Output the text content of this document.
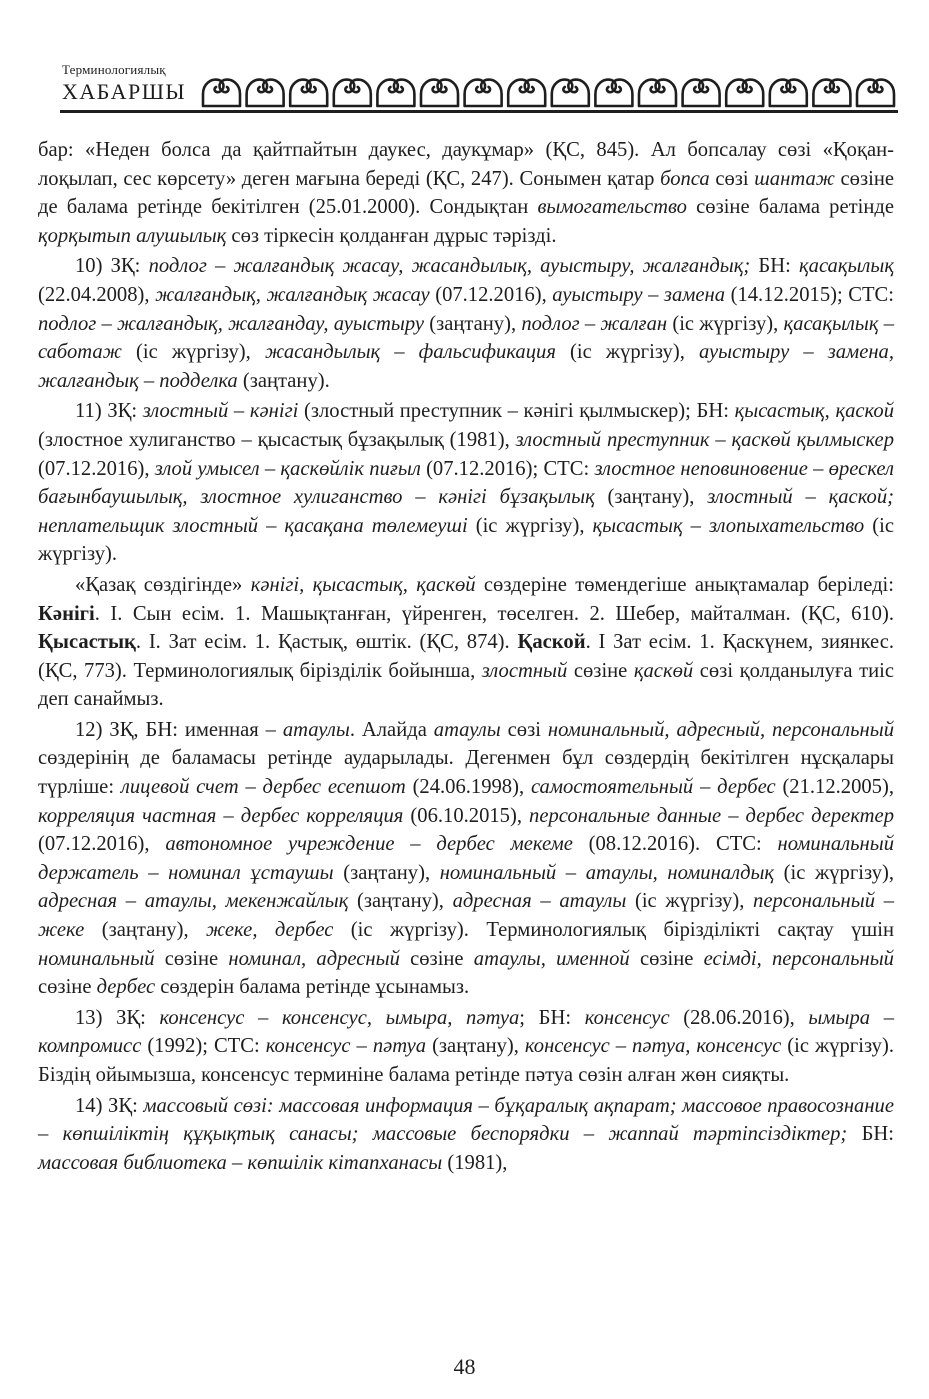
Терминологиялық
ХАБАРШЫ

бар: «Неден болса да қайтпайтын даукес, даукұмар» (ҚС, 845). Ал бопсалау сөзі «Қоқан-лоқылап, сес көрсету» деген мағына береді (ҚС, 247). Сонымен қатар бопса сөзі шантаж сөзіне де балама ретінде бекітілген (25.01.2000). Сондықтан вымогательство сөзіне балама ретінде қорқытып алушылық сөз тіркесін қолданған дұрыс тәрізді.

10) ЗҚ: подлог – жалғандық жасау, жасандылық, ауыстыру, жалғандық; БН: қасақылық (22.04.2008), жалғандық, жалғандық жасау (07.12.2016), ауыстыру – замена (14.12.2015); СТС: подлог – жалғандық, жалғандау, ауыстыру (заңтану), подлог – жалған (іс жүргізу), қасақылық – саботаж (іс жүргізу), жасандылық – фальсификация (іс жүргізу), ауыстыру – замена, жалғандық – подделка (заңтану).

11) ЗҚ: злостный – кәнігі (злостный преступник – кәнігі қылмыскер); БН: қысастық, қаской (злостное хулиганство – қысастық бұзақылық (1981), злостный преступник – қаскөй қылмыскер (07.12.2016), злой умысел – қаскөйлік пиғыл (07.12.2016); СТС: злостное неповиновение – өрескел бағынбаушылық, злостное хулиганство – кәнігі бұзақылық (заңтану), злостный – қаской; неплательщик злостный – қасақана төлемеуші (іс жүргізу), қысастық – злопыхательство (іс жүргізу).

«Қазақ сөздігінде» кәнігі, қысастық, қаскөй сөздеріне төмендегіше анықтамалар беріледі: Кәнігі. I. Сын есім. 1. Машықтанған, үйренген, төселген. 2. Шебер, майталман. (ҚС, 610). Қысастық. I. Зат есім. 1. Қастық, өштік. (ҚС, 874). Қаской. I Зат есім. 1. Қаскүнем, зиянкес. (ҚС, 773). Терминологиялық бірізділік бойынша, злостный сөзіне қаскөй сөзі қолданылуға тиіс деп санаймыз.

12) ЗҚ, БН: именная – атаулы. Алайда атаулы сөзі номинальный, адресный, персональный сөздерінің де баламасы ретінде аударылады. Дегенмен бұл сөздердің бекітілген нұсқалары түрліше: лицевой счет – дербес есепшот (24.06.1998), самостоятельный – дербес (21.12.2005), корреляция частная – дербес корреляция (06.10.2015), персональные данные – дербес деректер (07.12.2016), автономное учреждение – дербес мекеме (08.12.2016). СТС: номинальный держатель – номинал ұстаушы (заңтану), номинальный – атаулы, номиналдық (іс жүргізу), адресная – атаулы, мекенжайлық (заңтану), адресная – атаулы (іс жүргізу), персональный – жеке (заңтану), жеке, дербес (іс жүргізу). Терминологиялық бірізділікті сақтау үшін номинальный сөзіне номинал, адресный сөзіне атаулы, именной сөзіне есімді, персональный сөзіне дербес сөздерін балама ретінде ұсынамыз.

13) ЗҚ: консенсус – консенсус, ымыра, пәтуа; БН: консенсус (28.06.2016), ымыра – компромисс (1992); СТС: консенсус – пәтуа (заңтану), консенсус – пәтуа, консенсус (іс жүргізу). Біздің ойымызша, консенсус терминіне балама ретінде пәтуа сөзін алған жөн сияқты.

14) ЗҚ: массовый сөзі: массовая информация – бұқаралық ақпарат; массовое правосознание – көпшіліктің құқықтық санасы; массовые беспорядки – жаппай тәртіпсіздіктер; БН: массовая библиотека – көпшілік кітапханасы (1981),

48
